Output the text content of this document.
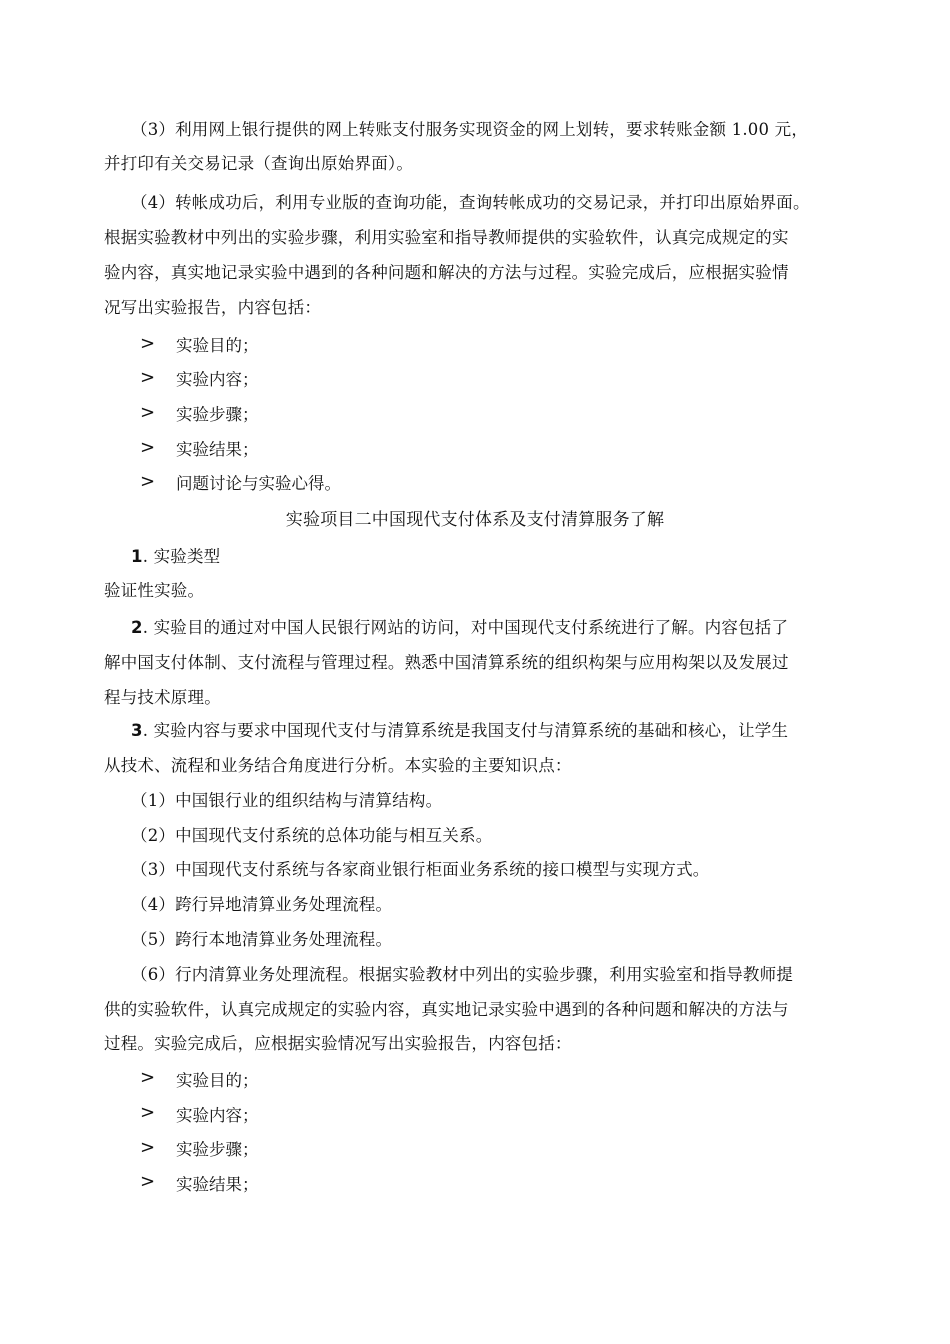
（3）利用网上银行提供的网上转账支付服务实现资金的网上划转，要求转账金额 1.00 元，
并打印有关交易记录（查询出原始界面）。
（4）转帐成功后，利用专业版的查询功能，查询转帐成功的交易记录，并打印出原始界面。
根据实验教材中列出的实验步骤，利用实验室和指导教师提供的实验软件，认真完成规定的实
验内容，真实地记录实验中遇到的各种问题和解决的方法与过程。实验完成后，应根据实验情
况写出实验报告，内容包括：
> 实验目的；
> 实验内容；
> 实验步骤；
> 实验结果；
> 问题讨论与实验心得。
实验项目二中国现代支付体系及支付清算服务了解
1. 实验类型
验证性实验。
2. 实验目的通过对中国人民银行网站的访问，对中国现代支付系统进行了解。内容包括了
解中国支付体制、支付流程与管理过程。熟悉中国清算系统的组织构架与应用构架以及发展过
程与技术原理。
3. 实验内容与要求中国现代支付与清算系统是我国支付与清算系统的基础和核心，让学生
从技术、流程和业务结合角度进行分析。本实验的主要知识点：
（1）中国银行业的组织结构与清算结构。
（2）中国现代支付系统的总体功能与相互关系。
（3）中国现代支付系统与各家商业银行柜面业务系统的接口模型与实现方式。
（4）跨行异地清算业务处理流程。
（5）跨行本地清算业务处理流程。
（6）行内清算业务处理流程。根据实验教材中列出的实验步骤，利用实验室和指导教师提
供的实验软件，认真完成规定的实验内容，真实地记录实验中遇到的各种问题和解决的方法与
过程。实验完成后，应根据实验情况写出实验报告，内容包括：
> 实验目的；
> 实验内容；
> 实验步骤；
> 实验结果；
